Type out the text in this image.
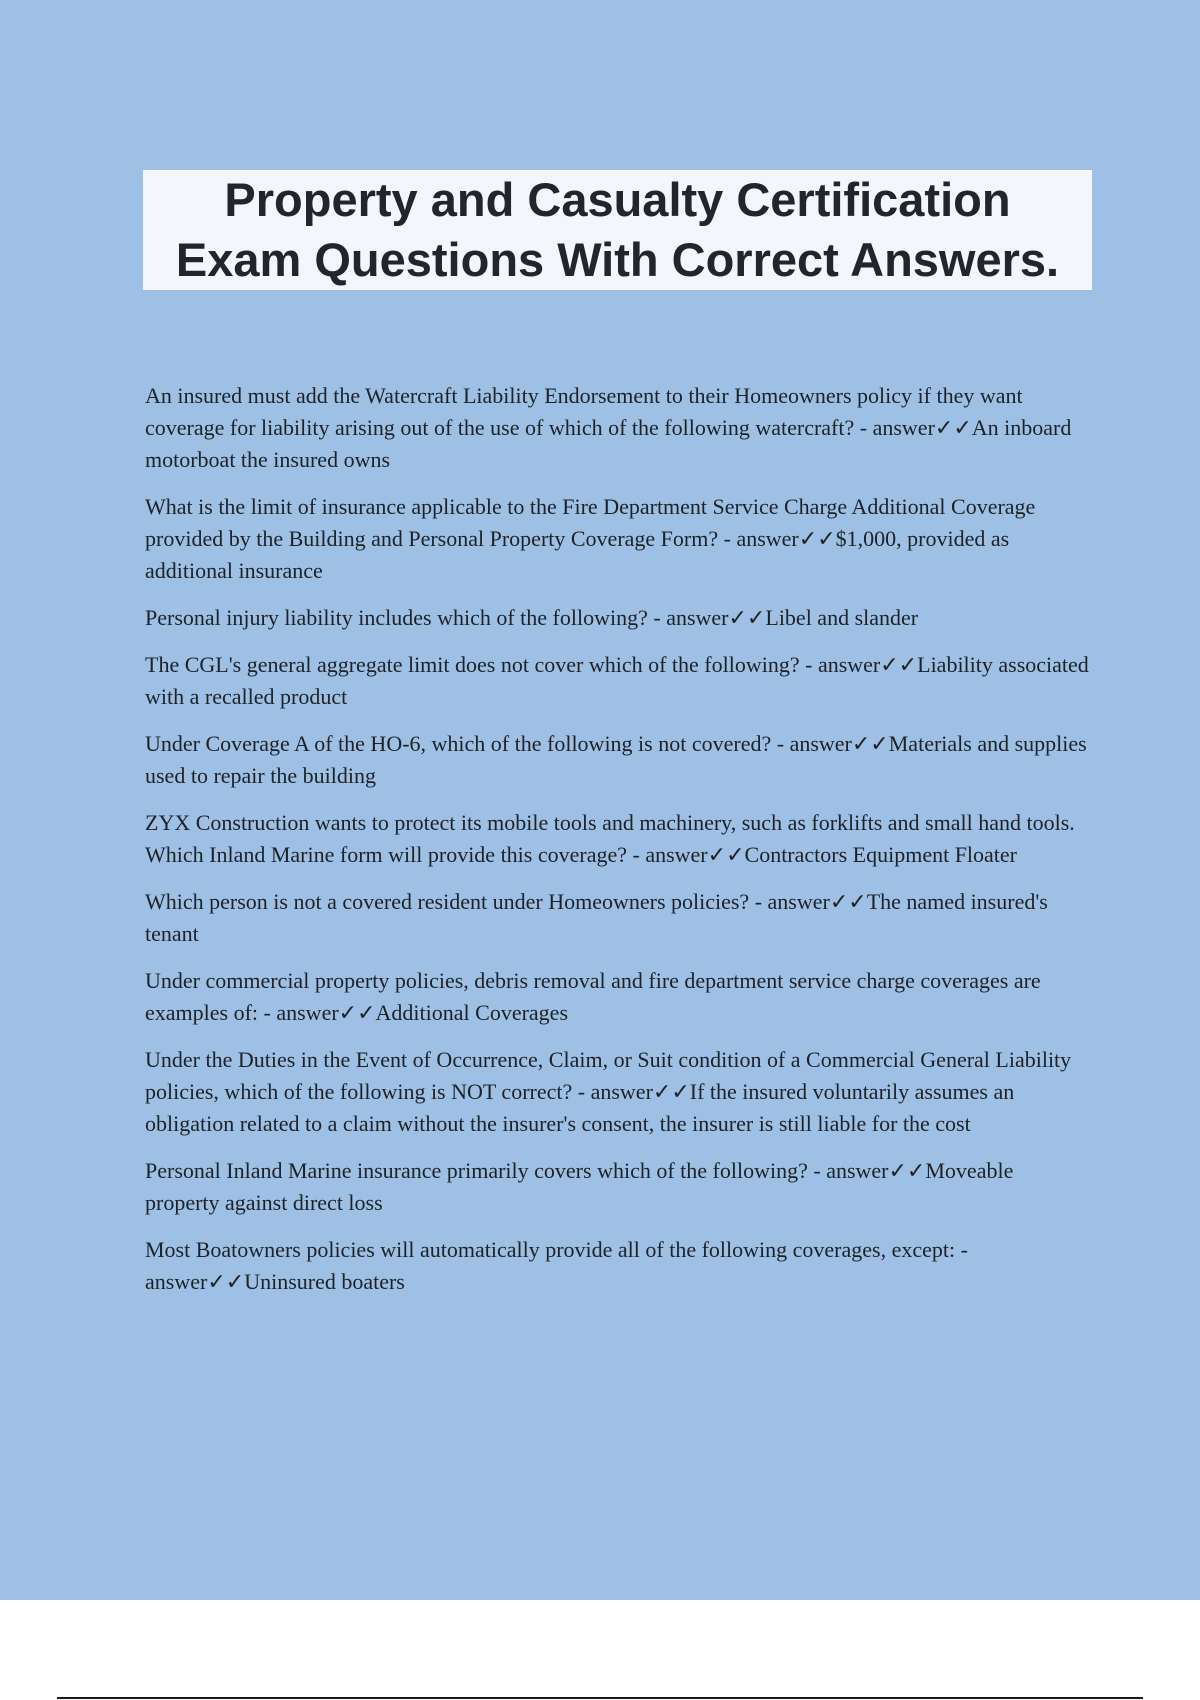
Property and Casualty Certification
Exam Questions With Correct Answers.
An insured must add the Watercraft Liability Endorsement to their Homeowners policy if they want coverage for liability arising out of the use of which of the following watercraft? - answer✓✓An inboard motorboat the insured owns
What is the limit of insurance applicable to the Fire Department Service Charge Additional Coverage provided by the Building and Personal Property Coverage Form? - answer✓✓$1,000, provided as additional insurance
Personal injury liability includes which of the following? - answer✓✓Libel and slander
The CGL's general aggregate limit does not cover which of the following? - answer✓✓Liability associated with a recalled product
Under Coverage A of the HO-6, which of the following is not covered? - answer✓✓Materials and supplies used to repair the building
ZYX Construction wants to protect its mobile tools and machinery, such as forklifts and small hand tools. Which Inland Marine form will provide this coverage? - answer✓✓Contractors Equipment Floater
Which person is not a covered resident under Homeowners policies? - answer✓✓The named insured's tenant
Under commercial property policies, debris removal and fire department service charge coverages are examples of: - answer✓✓Additional Coverages
Under the Duties in the Event of Occurrence, Claim, or Suit condition of a Commercial General Liability policies, which of the following is NOT correct? - answer✓✓If the insured voluntarily assumes an obligation related to a claim without the insurer's consent, the insurer is still liable for the cost
Personal Inland Marine insurance primarily covers which of the following? - answer✓✓Moveable property against direct loss
Most Boatowners policies will automatically provide all of the following coverages, except: - answer✓✓Uninsured boaters
